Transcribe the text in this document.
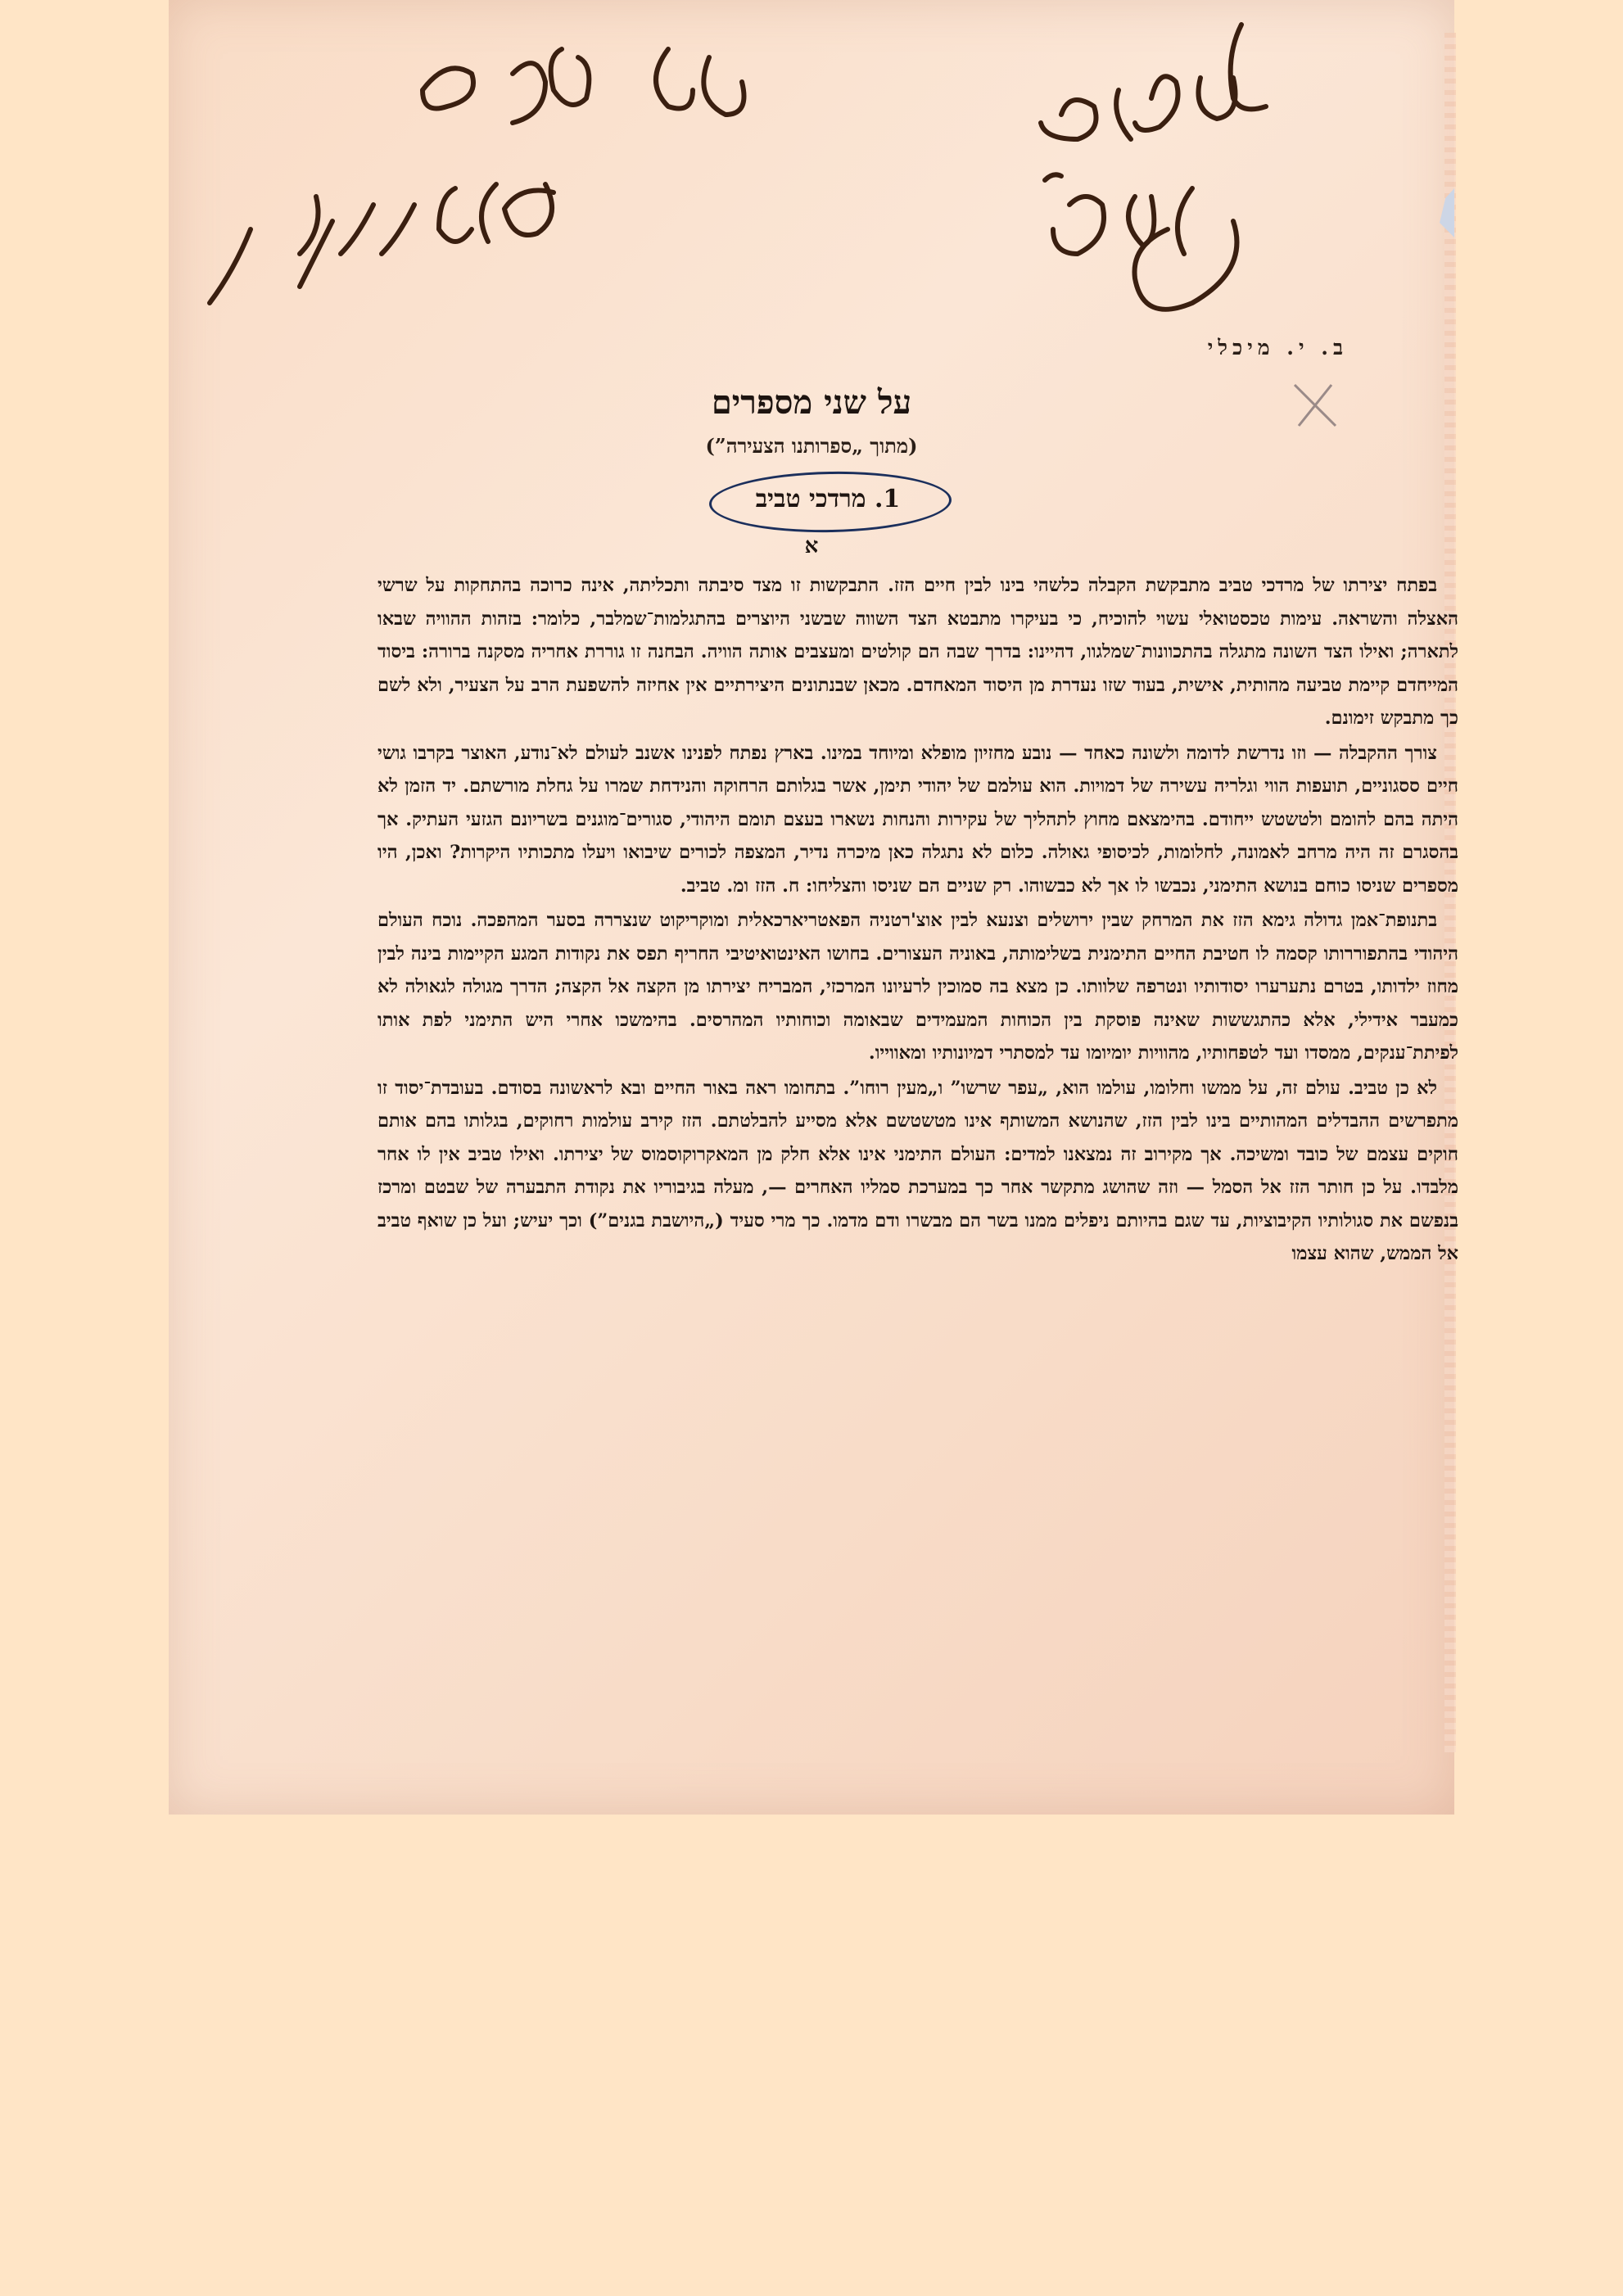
ב. י. מיכלי
על שני מספרים
(מתוך „ספרותנו הצעירה”)
1. מרדכי טביב
א

בפתח יצירתו של מרדכי טביב מתבקשת הקבלה כלשהי בינו לבין חיים הזז. התבקשות זו מצד סיבתה ותכליתה, אינה כרוכה בהתחקות על שרשי האצלה והשראה. עימות טכסטואלי עשוי להוכיח, כי בעיקרו מתבטא הצד השווה שבשני היוצרים בהתגלמות־שמלבר, כלומר: בזהות ההוויה שבאו לתארה; ואילו הצד השונה מתגלה בהתכוונות־שמלגוו, דהיינו: בדרך שבה הם קולטים ומעצבים אותה הוויה. הבחנה זו גוררת אחריה מסקנה ברורה: ביסוד המייחדם קיימת טביעה מהותית, אישית, בעוד שזו נעדרת מן היסוד המאחדם. מכאן שבנתונים היצירתיים אין אחיזה להשפעת הרב על הצעיר, ולא לשם כך מתבקש זימונם.

צורך ההקבלה — וזו נדרשת לדומה ולשונה כאחד — נובע מחזיון מופלא ומיוחד במינו. בארץ נפתח לפנינו אשנב לעולם לא־נודע, האוצר בקרבו גושי חיים ססגוניים, תועפות הווי וגלריה עשירה של דמויות. הוא עולמם של יהודי תימן, אשר בגלותם הרחוקה והנידחת שמרו על גחלת מורשתם. יד הזמן לא היתה בהם להומם ולטשטש ייחודם. בהימצאם מחוץ לתהליך של עקירות והנחות נשארו בעצם תומם היהודי, סגורים־מוגנים בשריונם הגזעי העתיק. אך בהסגרם זה היה מרחב לאמונה, לחלומות, לכיסופי גאולה. כלום לא נתגלה כאן מיכרה נדיר, המצפה לכורים שיבואו ויעלו מתכותיו היקרות? ואכן, היו מספרים שניסו כוחם בנושא התימני, נכבשו לו אך לא כבשוהו. רק שניים הם שניסו והצליחו: ח. הזז ומ. טביב.

בתנופת־אמן גדולה גימא הזז את המרחק שבין ירושלים וצנעא לבין אוצ'רטניה הפאטריארכאלית ומוקריקוט שנצררה בסער המהפכה. נוכח העולם היהודי בהתפוררותו קסמה לו חטיבת החיים התימנית בשלימותה, באוניה העצורים. בחושו האינטואיטיבי החריף תפס את נקודות המגע הקיימות בינה לבין מחוז ילדותו, בטרם נתערערו יסודותיו ונטרפה שלוותו. כן מצא בה סמוכין לרעיונו המרכזי, המבריח יצירתו מן הקצה אל הקצה; הדרך מגולה לגאולה לא כמעבר אידילי, אלא כהתגששות שאינה פוסקת בין הכוחות המעמידים שבאומה וכוחותיו המהרסים. בהימשכו אחרי היש התימני לפת אותו לפיתת־ענקים, ממסדו ועד לטפחותיו, מהוויות יומיומו עד למסתרי דמיונותיו ומאווייו.

לא כן טביב. עולם זה, על ממשו וחלומו, עולמו הוא, „עפר שרשו” ו„מעין רוחו”. בתחומו ראה באור החיים ובא לראשונה בסודם. בעובדת־יסוד זו מתפרשים ההבדלים המהותיים בינו לבין הזז, שהנושא המשותף אינו מטשטשם אלא מסייע להבלטתם. הזז קירב עולמות רחוקים, בגלותו בהם אותם חוקים עצמם של כובד ומשיכה. אך מקירוב זה נמצאנו למדים: העולם התימני אינו אלא חלק מן המאקרוקוסמוס של יצירתו. ואילו טביב אין לו אחר מלבדו. על כן חותר הזז אל הסמל — וזה שהושג מתקשר אחר כך במערכת סמליו האחרים —, מעלה בגיבוריו את נקודת התבערה של שבטם ומרכז בנפשם את סגולותיו הקיבוציות, עד שגם בהיותם ניפלים ממנו בשר הם מבשרו ודם מדמו. כך מרי סעיד („היושבת בגנים”) וכך יעיש; ועל כן שואף טביב אל הממש, שהוא עצמו
